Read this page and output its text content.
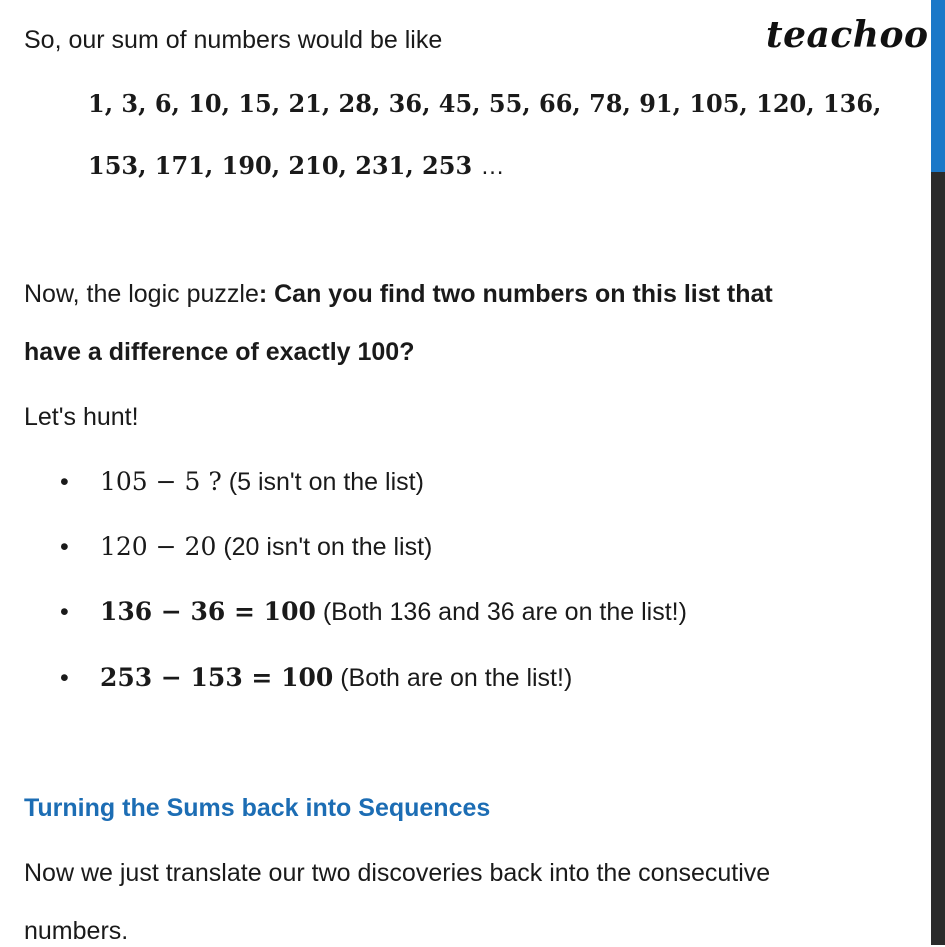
teachoo
So, our sum of numbers would be like
1, 3, 6, 10, 15, 21, 28, 36, 45, 55, 66, 78, 91, 105, 120, 136,
153, 171, 190, 210, 231, 253 …
Now, the logic puzzle: Can you find two numbers on this list that
have a difference of exactly 100?
Let's hunt!
• 105 − 5 ? (5 isn't on the list)
• 120 − 20 (20 isn't on the list)
• 136 − 36 = 100 (Both 136 and 36 are on the list!)
• 253 − 153 = 100 (Both are on the list!)
Turning the Sums back into Sequences
Now we just translate our two discoveries back into the consecutive
numbers.
